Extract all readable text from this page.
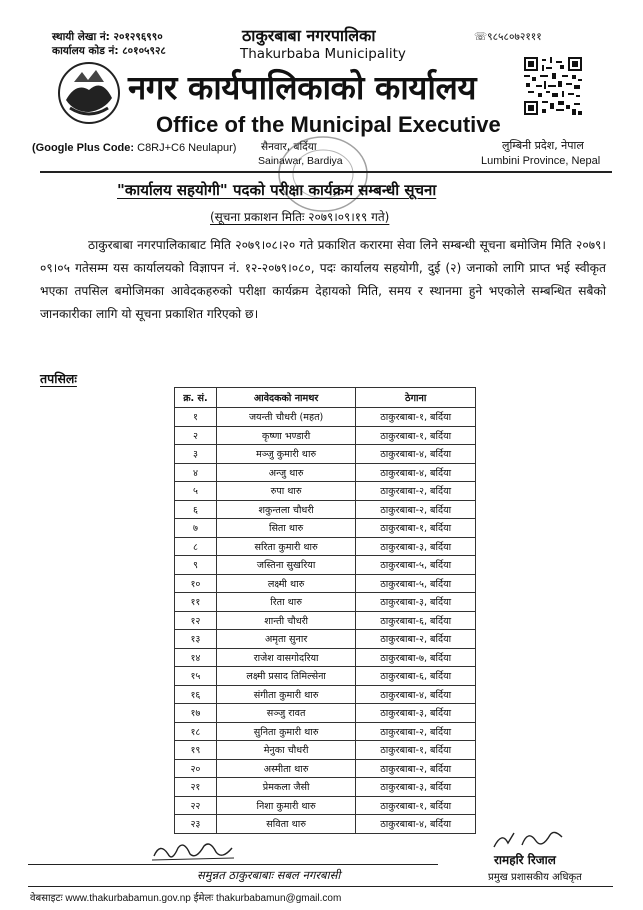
स्थायी लेखा नं: २०१२९६९९०
कार्यालय कोड नं: ८०१०५९२८
☏९८५८०७२१११
ठाकुरबाबा नगरपालिका
Thakurbaba Municipality
नगर कार्यपालिकाको कार्यालय
Office of the Municipal Executive
(Google Plus Code: C8RJ+C6 Neulapur) सैनवार, बर्दिया
Sainawar, Bardiya
लुम्बिनी प्रदेश, नेपाल
Lumbini Province, Nepal
"कार्यालय सहयोगी" पदको परीक्षा कार्यक्रम सम्बन्धी सूचना
(सूचना प्रकाशन मितिः २०७९।०९।१९ गते)
ठाकुरबाबा नगरपालिकाबाट मिति २०७९।०८।२० गते प्रकाशित करारमा सेवा लिने सम्बन्धी सूचना बमोजिम मिति २०७९।०९।०५ गतेसम्म यस कार्यालयको विज्ञापन नं. १२-२०७९।०८०, पदः कार्यालय सहयोगी, दुई (२) जनाको लागि प्राप्त भई स्वीकृत भएका तपसिल बमोजिमका आवेदकहरुको परीक्षा कार्यक्रम देहायको मिति, समय र स्थानमा हुने भएकोले सम्बन्धित सबैको जानकारीका लागि यो सूचना प्रकाशित गरिएको छ।
तपसिलः
क्र. सं.	आवेदकको नामथर	ठेगाना
१	जयन्ती चौधरी (महत)	ठाकुरबाबा-१, बर्दिया
२	कृष्णा भण्डारी	ठाकुरबाबा-१, बर्दिया
३	मञ्जु कुमारी थारु	ठाकुरबाबा-४, बर्दिया
४	अन्जु थारु	ठाकुरबाबा-४, बर्दिया
५	रुपा थारु	ठाकुरबाबा-२, बर्दिया
६	शकुन्तला चौधरी	ठाकुरबाबा-२, बर्दिया
७	सिता थारु	ठाकुरबाबा-१, बर्दिया
८	सरिता कुमारी थारु	ठाकुरबाबा-३, बर्दिया
९	जस्तिना सुखरिया	ठाकुरबाबा-५, बर्दिया
१०	लक्ष्मी थारु	ठाकुरबाबा-५, बर्दिया
११	रिता थारु	ठाकुरबाबा-३, बर्दिया
१२	शान्ती चौधरी	ठाकुरबाबा-६, बर्दिया
१३	अमृता सुनार	ठाकुरबाबा-२, बर्दिया
१४	राजेश वासगोदरिया	ठाकुरबाबा-७, बर्दिया
१५	लक्ष्मी प्रसाद तिमिल्सेना	ठाकुरबाबा-६, बर्दिया
१६	संगीता कुमारी थारु	ठाकुरबाबा-४, बर्दिया
१७	सञ्जु रावत	ठाकुरबाबा-३, बर्दिया
१८	सुनिता कुमारी थारु	ठाकुरबाबा-२, बर्दिया
१९	मेनुका चौधरी	ठाकुरबाबा-१, बर्दिया
२०	अस्मीता थारु	ठाकुरबाबा-२, बर्दिया
२१	प्रेमकला जैसी	ठाकुरबाबा-३, बर्दिया
२२	निशा कुमारी थारु	ठाकुरबाबा-१, बर्दिया
२३	सविता थारु	ठाकुरबाबा-४, बर्दिया
रामहरि रिजाल
प्रमुख प्रशासकीय अधिकृत
समुन्नत ठाकुरबाबाः सबल नगरबासी
वेबसाइटः www.thakurbabamun.gov.np ईमेलः thakurbabamun@gmail.com
